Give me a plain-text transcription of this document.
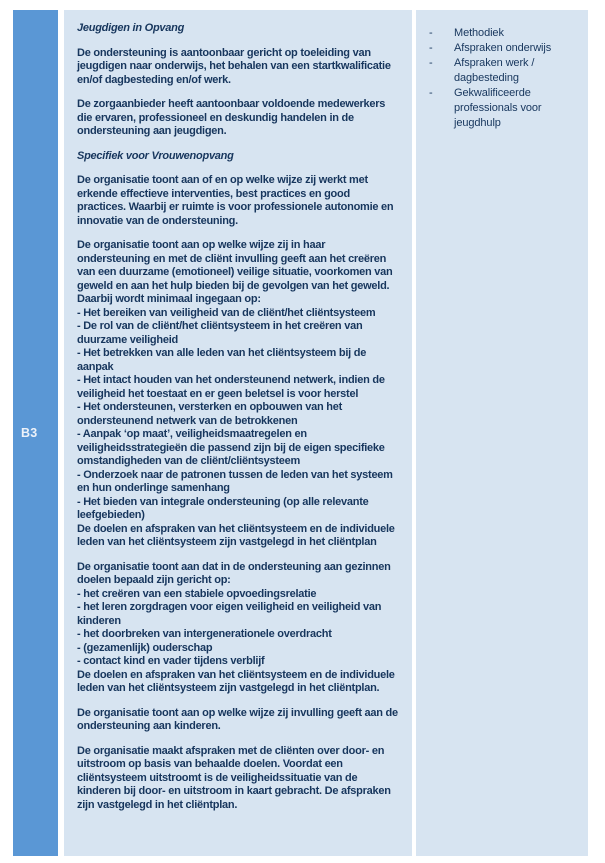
B3
Jeugdigen in Opvang
De ondersteuning is aantoonbaar gericht op toeleiding van jeugdigen naar onderwijs, het behalen van een startkwalificatie en/of dagbesteding en/of werk.
De zorgaanbieder heeft aantoonbaar voldoende medewerkers die ervaren, professioneel en deskundig handelen in de ondersteuning aan jeugdigen.
Specifiek voor Vrouwenopvang
De organisatie toont aan of en op welke wijze zij werkt met erkende effectieve interventies, best practices en good practices. Waarbij er ruimte is voor professionele autonomie en innovatie van de ondersteuning.
De organisatie toont aan op welke wijze zij in haar ondersteuning en met de cliënt invulling geeft aan het creëren van een duurzame (emotioneel) veilige situatie, voorkomen van geweld en aan het hulp bieden bij de gevolgen van het geweld. Daarbij wordt minimaal ingegaan op:
- Het bereiken van veiligheid van de cliënt/het cliëntsysteem
- De rol van de cliënt/het cliëntsysteem in het creëren van duurzame veiligheid
- Het betrekken van alle leden van het cliëntsysteem bij de aanpak
- Het intact houden van het ondersteunend netwerk, indien de veiligheid het toestaat en er geen beletsel is voor herstel
- Het ondersteunen, versterken en opbouwen van het ondersteunend netwerk van de betrokkenen
- Aanpak ‘op maat’, veiligheidsmaatregelen en veiligheidsstrategieën die passend zijn bij de eigen specifieke omstandigheden van de cliënt/cliëntsysteem
- Onderzoek naar de patronen tussen de leden van het systeem en hun onderlinge samenhang
- Het bieden van integrale ondersteuning (op alle relevante leefgebieden)
De doelen en afspraken van het cliëntsysteem en de individuele leden van het cliëntsysteem zijn vastgelegd in het cliëntplan
De organisatie toont aan dat in de ondersteuning aan gezinnen doelen bepaald zijn gericht op:
- het creëren van een stabiele opvoedingsrelatie
- het leren zorgdragen voor eigen veiligheid en veiligheid van kinderen
- het doorbreken van intergenerationele overdracht
- (gezamenlijk) ouderschap
- contact kind en vader tijdens verblijf
De doelen en afspraken van het cliëntsysteem en de individuele leden van het cliëntsysteem zijn vastgelegd in het cliëntplan.
De organisatie toont aan op welke wijze zij invulling geeft aan de ondersteuning aan kinderen.
De organisatie maakt afspraken met de cliënten over door- en uitstroom op basis van behaalde doelen. Voordat een cliëntsysteem uitstroomt is de veiligheidssituatie van de kinderen bij door- en uitstroom in kaart gebracht. De afspraken zijn vastgelegd in het cliëntplan.
-	Methodiek
-	Afspraken onderwijs
-	Afspraken werk / dagbesteding
-	Gekwalificeerde professionals voor jeugdhulp
